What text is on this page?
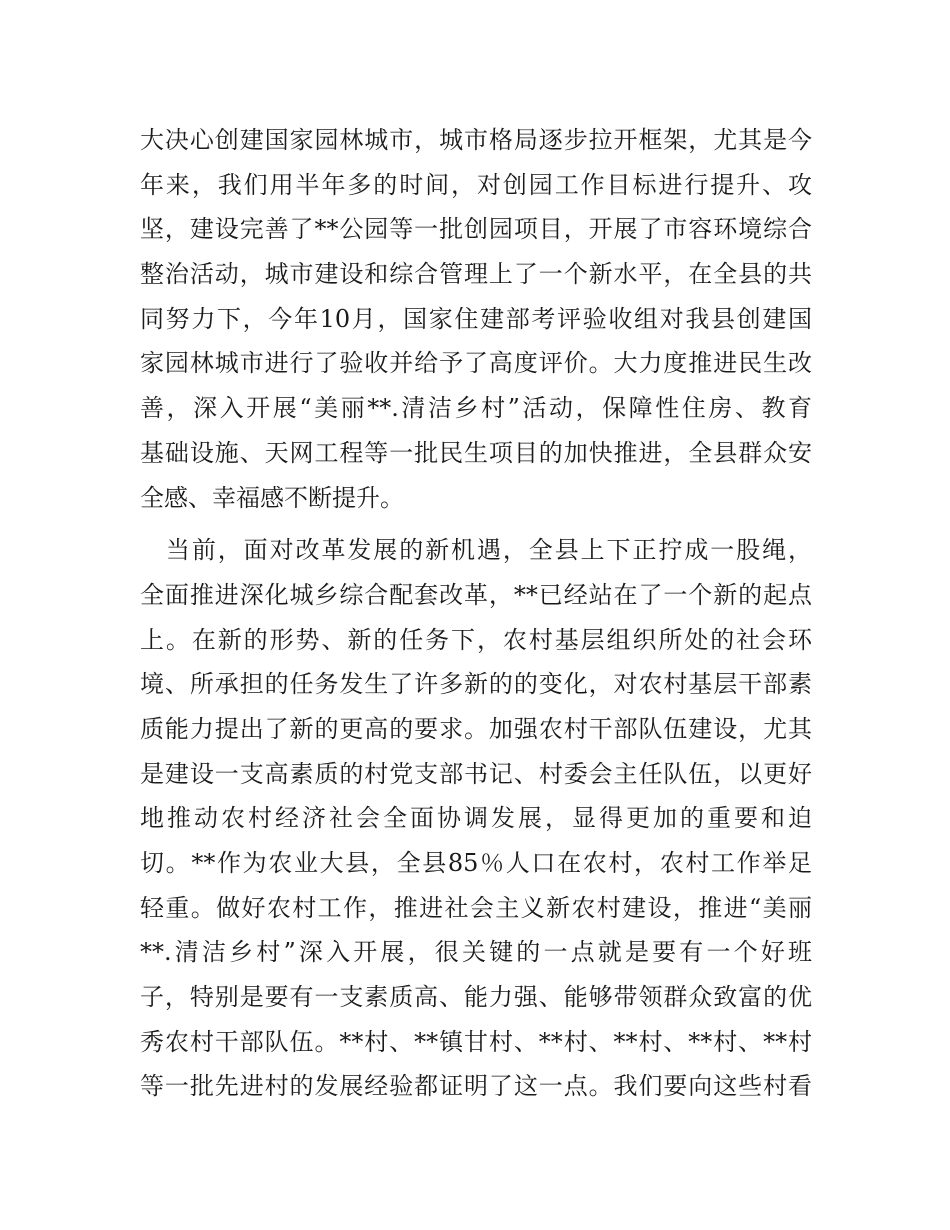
大决心创建国家园林城市，城市格局逐步拉开框架，尤其是今
年来，我们用半年多的时间，对创园工作目标进行提升、攻
坚，建设完善了**公园等一批创园项目，开展了市容环境综合
整治活动，城市建设和综合管理上了一个新水平，在全县的共
同努力下，今年10月，国家住建部考评验收组对我县创建国
家园林城市进行了验收并给予了高度评价。大力度推进民生改
善，深入开展“美丽**.清洁乡村”活动，保障性住房、教育
基础设施、天网工程等一批民生项目的加快推进，全县群众安
全感、幸福感不断提升。
　当前，面对改革发展的新机遇，全县上下正拧成一股绳，
全面推进深化城乡综合配套改革，**已经站在了一个新的起点
上。在新的形势、新的任务下，农村基层组织所处的社会环
境、所承担的任务发生了许多新的的变化，对农村基层干部素
质能力提出了新的更高的要求。加强农村干部队伍建设，尤其
是建设一支高素质的村党支部书记、村委会主任队伍，以更好
地推动农村经济社会全面协调发展，显得更加的重要和迫
切。**作为农业大县，全县85％人口在农村，农村工作举足
轻重。做好农村工作，推进社会主义新农村建设，推进“美丽
**.清洁乡村”深入开展，很关键的一点就是要有一个好班
子，特别是要有一支素质高、能力强、能够带领群众致富的优
秀农村干部队伍。**村、**镇甘村、**村、**村、**村、**村
等一批先进村的发展经验都证明了这一点。我们要向这些村看
